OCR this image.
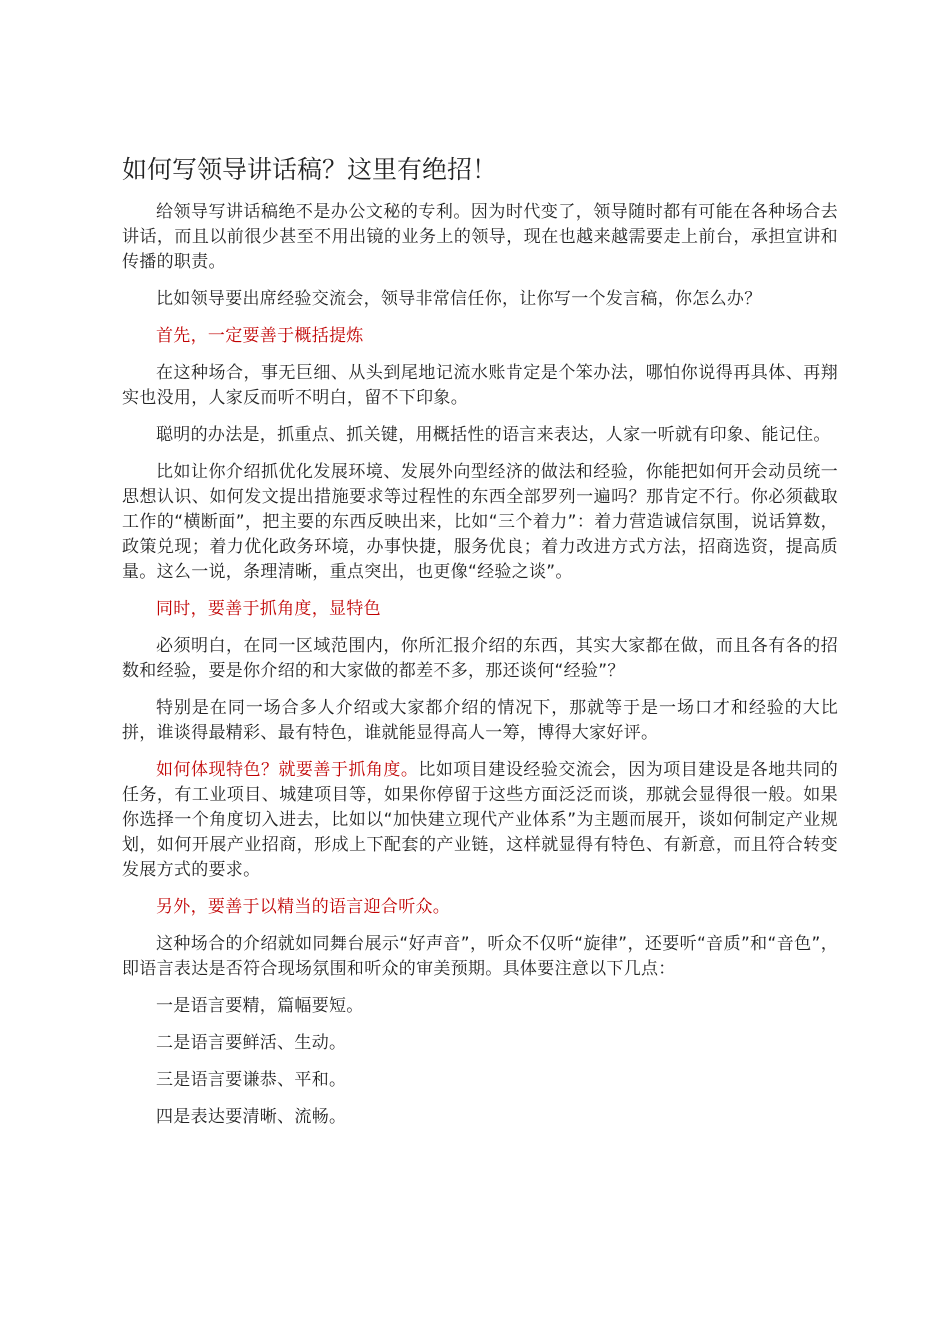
如何写领导讲话稿？这里有绝招！

给领导写讲话稿绝不是办公文秘的专利。因为时代变了，领导随时都有可能在各种场合去讲话，而且以前很少甚至不用出镜的业务上的领导，现在也越来越需要走上前台，承担宣讲和传播的职责。

比如领导要出席经验交流会，领导非常信任你，让你写一个发言稿，你怎么办？

首先，一定要善于概括提炼

在这种场合，事无巨细、从头到尾地记流水账肯定是个笨办法，哪怕你说得再具体、再翔实也没用，人家反而听不明白，留不下印象。

聪明的办法是，抓重点、抓关键，用概括性的语言来表达，人家一听就有印象、能记住。

比如让你介绍抓优化发展环境、发展外向型经济的做法和经验，你能把如何开会动员统一思想认识、如何发文提出措施要求等过程性的东西全部罗列一遍吗？那肯定不行。你必须截取工作的“横断面”，把主要的东西反映出来，比如“三个着力”：着力营造诚信氛围，说话算数，政策兑现；着力优化政务环境，办事快捷，服务优良；着力改进方式方法，招商选资，提高质量。这么一说，条理清晰，重点突出，也更像“经验之谈”。

同时，要善于抓角度，显特色

必须明白，在同一区域范围内，你所汇报介绍的东西，其实大家都在做，而且各有各的招数和经验，要是你介绍的和大家做的都差不多，那还谈何“经验”？

特别是在同一场合多人介绍或大家都介绍的情况下，那就等于是一场口才和经验的大比拼，谁谈得最精彩、最有特色，谁就能显得高人一筹，博得大家好评。

如何体现特色？就要善于抓角度。比如项目建设经验交流会，因为项目建设是各地共同的任务，有工业项目、城建项目等，如果你停留于这些方面泛泛而谈，那就会显得很一般。如果你选择一个角度切入进去，比如以“加快建立现代产业体系”为主题而展开，谈如何制定产业规划，如何开展产业招商，形成上下配套的产业链，这样就显得有特色、有新意，而且符合转变发展方式的要求。

另外，要善于以精当的语言迎合听众。

这种场合的介绍就如同舞台展示“好声音”，听众不仅听“旋律”，还要听“音质”和“音色”，即语言表达是否符合现场氛围和听众的审美预期。具体要注意以下几点：

一是语言要精，篇幅要短。

二是语言要鲜活、生动。

三是语言要谦恭、平和。

四是表达要清晰、流畅。
